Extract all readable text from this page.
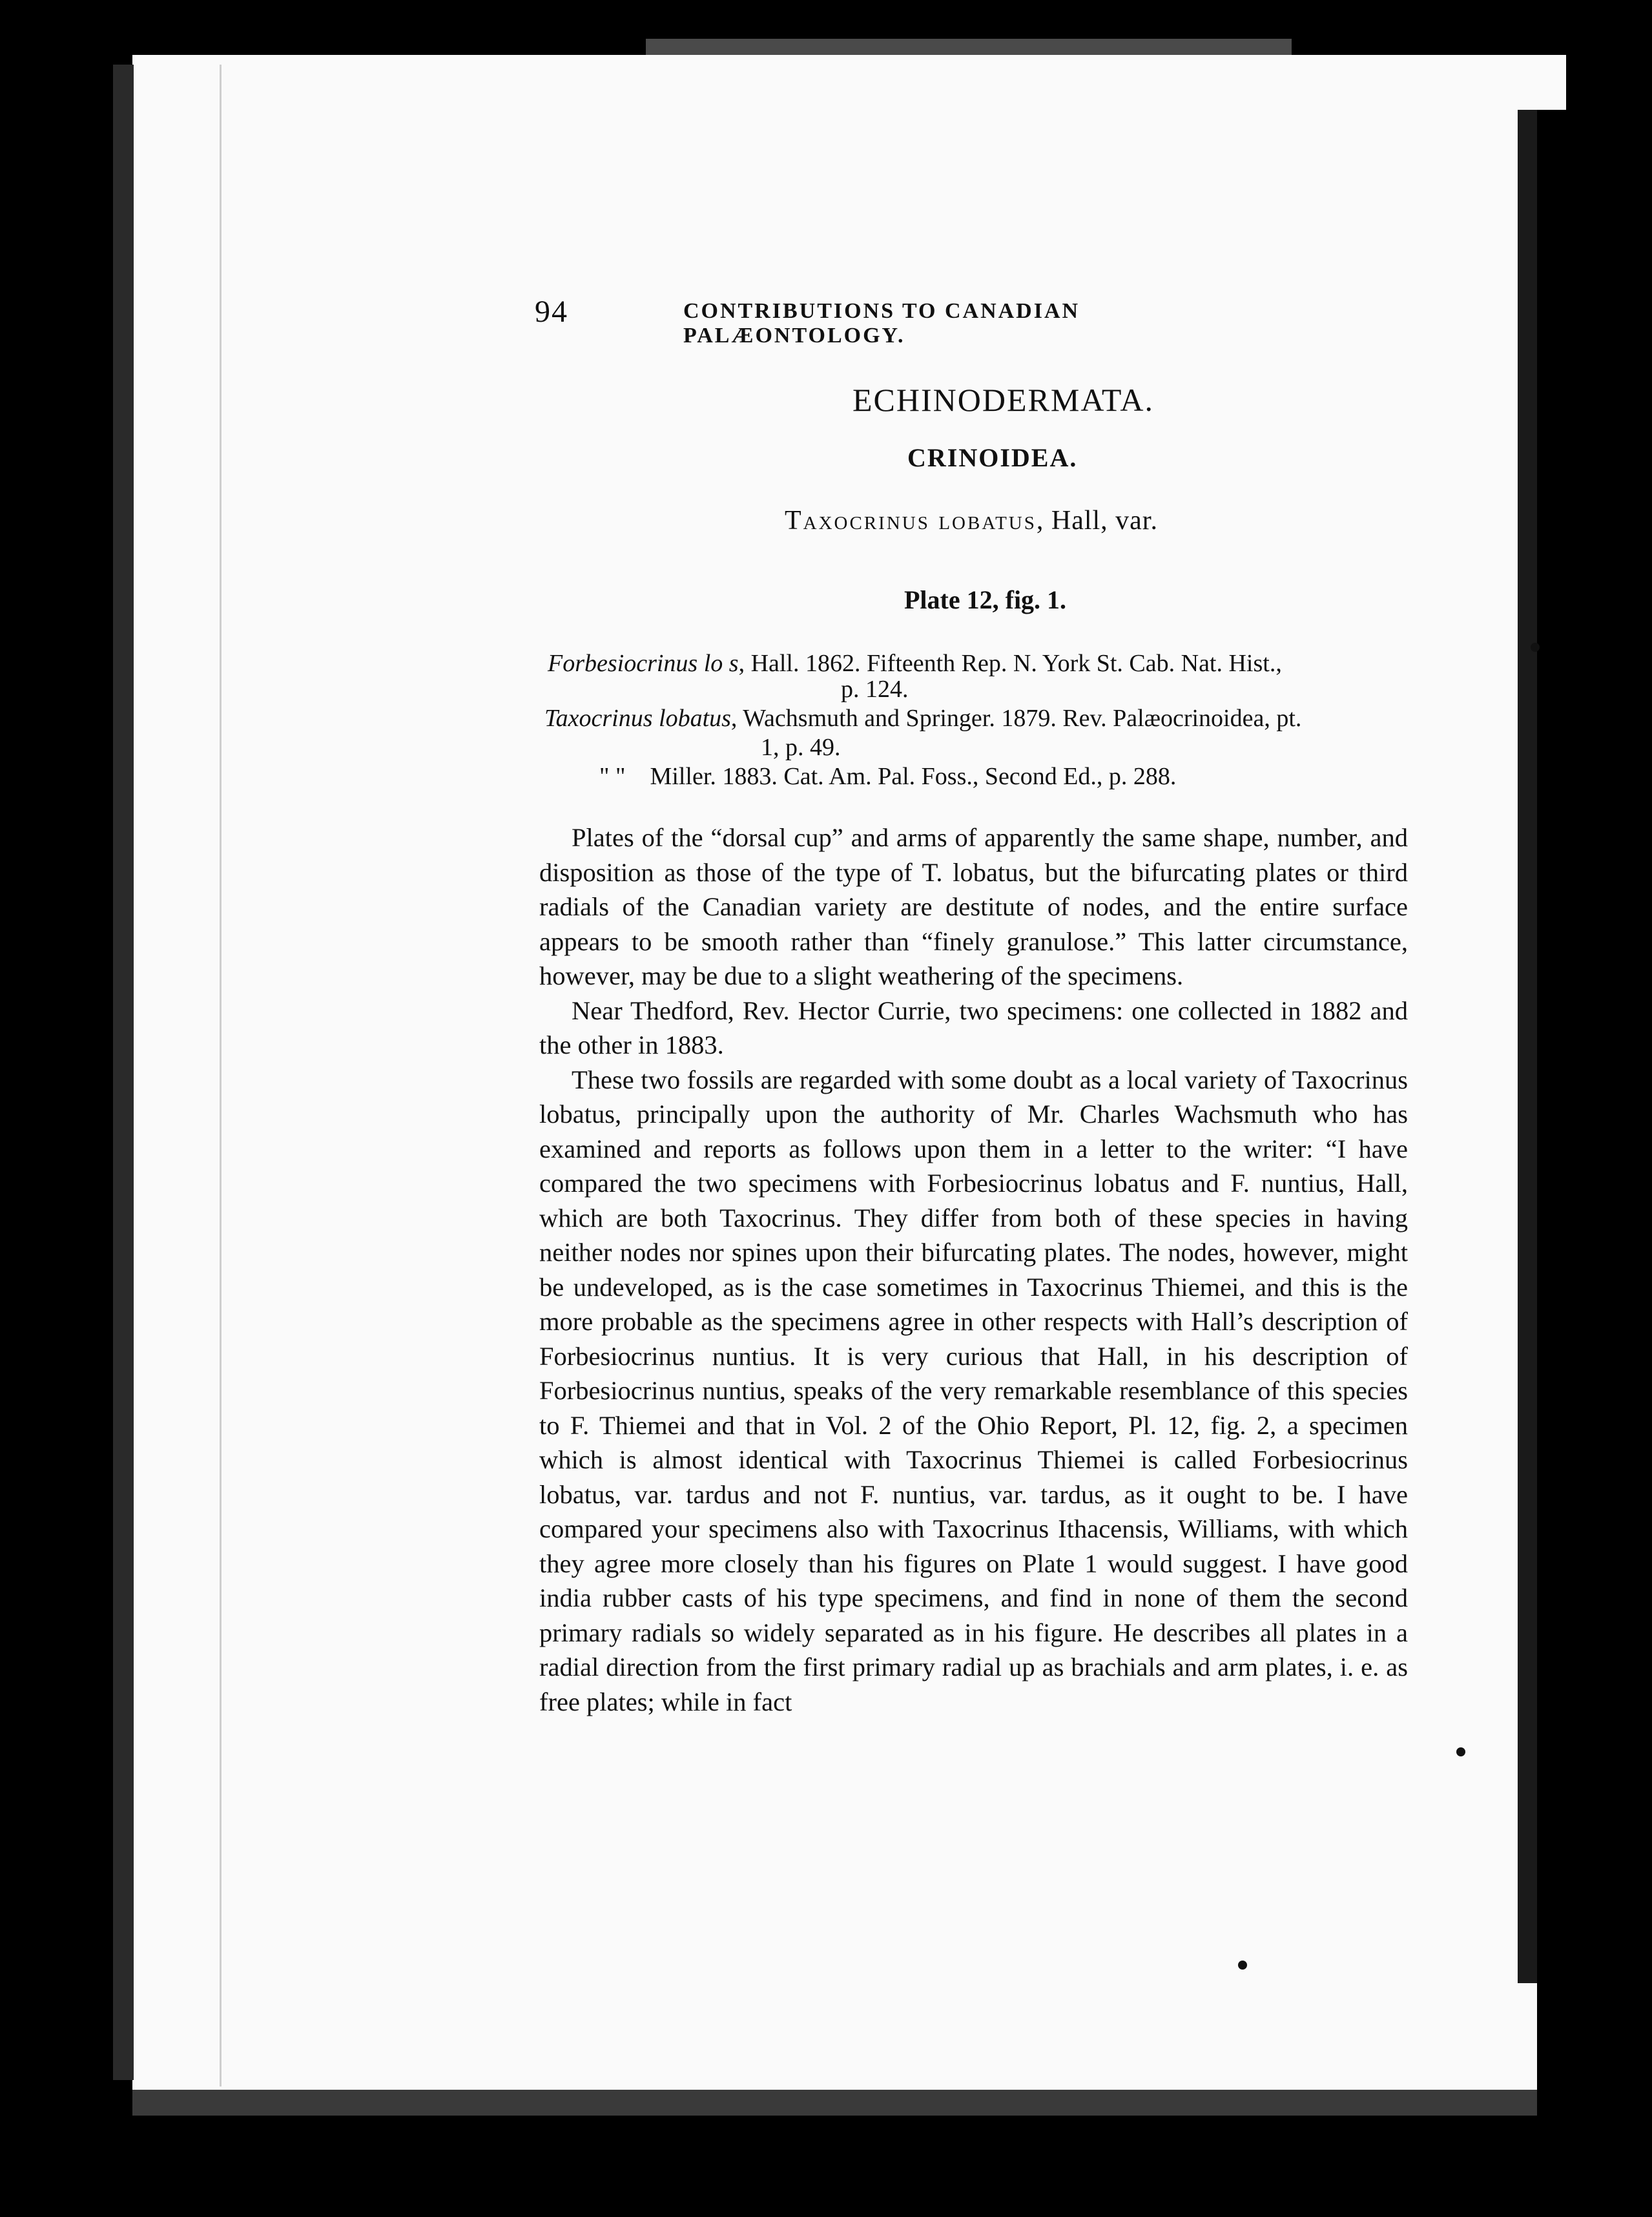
94	CONTRIBUTIONS TO CANADIAN PALÆONTOLOGY.
ECHINODERMATA.
CRINOIDEA.
Taxocrinus lobatus, Hall, var.
Plate 12, fig. 1.
Forbesiocrinus lo s, Hall. 1862. Fifteenth Rep. N. York St. Cab. Nat. Hist.,
p. 124.
Taxocrinus lobatus, Wachsmuth and Springer. 1879. Rev. Palæocrinoidea, pt.
1, p. 49.
" " Miller. 1883. Cat. Am. Pal. Foss., Second Ed., p. 288.

Plates of the “dorsal cup” and arms of apparently the same shape, number, and disposition as those of the type of T. lobatus, but the bifurcating plates or third radials of the Canadian variety are destitute of nodes, and the entire surface appears to be smooth rather than “finely granulose.” This latter circumstance, however, may be due to a slight weathering of the specimens.

Near Thedford, Rev. Hector Currie, two specimens: one collected in 1882 and the other in 1883.

These two fossils are regarded with some doubt as a local variety of Taxocrinus lobatus, principally upon the authority of Mr. Charles Wachsmuth who has examined and reports as follows upon them in a letter to the writer: “I have compared the two specimens with Forbesiocrinus lobatus and F. nuntius, Hall, which are both Taxocrinus. They differ from both of these species in having neither nodes nor spines upon their bifurcating plates. The nodes, however, might be undeveloped, as is the case sometimes in Taxocrinus Thiemei, and this is the more probable as the specimens agree in other respects with Hall’s description of Forbesiocrinus nuntius. It is very curious that Hall, in his description of Forbesiocrinus nuntius, speaks of the very remarkable resemblance of this species to F. Thiemei and that in Vol. 2 of the Ohio Report, Pl. 12, fig. 2, a specimen which is almost identical with Taxocrinus Thiemei is called Forbesiocrinus lobatus, var. tardus and not F. nuntius, var. tardus, as it ought to be. I have compared your specimens also with Taxocrinus Ithacensis, Williams, with which they agree more closely than his figures on Plate 1 would suggest. I have good india rubber casts of his type specimens, and find in none of them the second primary radials so widely separated as in his figure. He describes all plates in a radial direction from the first primary radial up as brachials and arm plates, i. e. as free plates; while in fact
